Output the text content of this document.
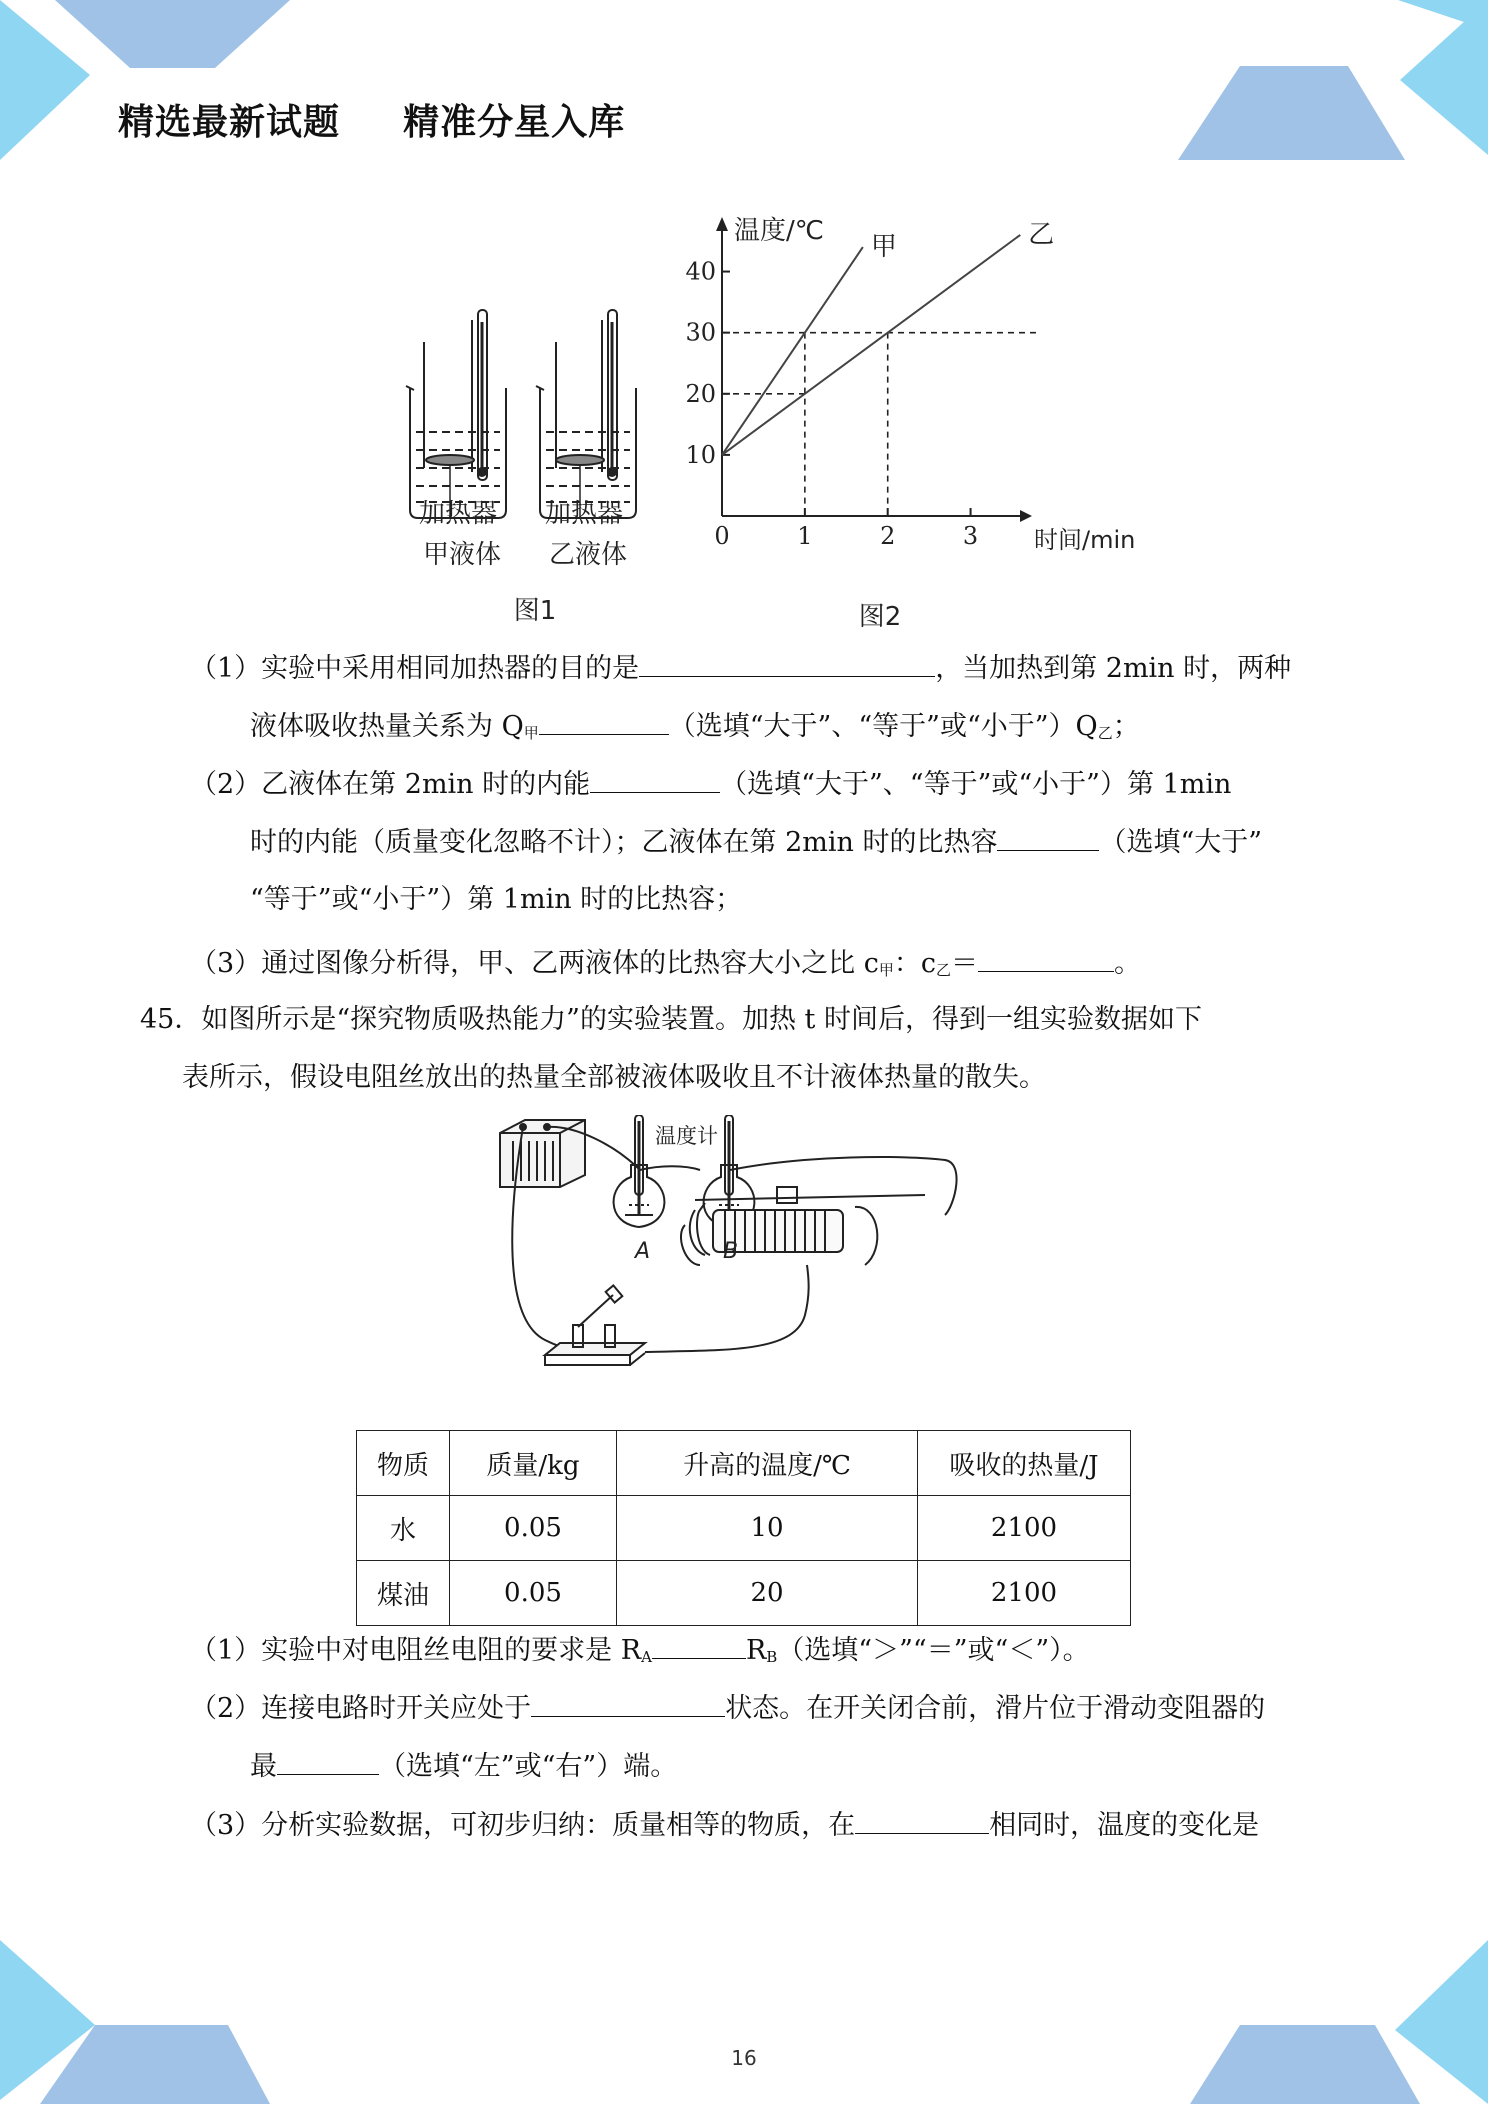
精选最新试题 精准分星入库
加热器
甲液体
加热器
乙液体
图1
0	1	2	3
10
20
30
40
甲	乙
时间/min
温度/℃
图2
（1）实验中采用相同加热器的目的是	，当加热到第 2min 时，两种
液体吸收热量关系为 $Q_甲$	（选填“大于”、“等于”或“小于$”)Q_乙$；
（2）乙液体在第 2min 时的内能	（选填“大于”、“等于”或“小于”）第 1min
时的内能（质量变化忽略不计）；乙液体在第 2min 时的比热容	（选填“大于”
“等于”或“小于”）第 1min 时的比热容；
（3）通过图像分析得，甲、乙两液体的比热容大小之比 $c_甲$：$c_乙=$	。
45．如图所示是“探究物质吸热能力”的实验装置。加热 t 时间后，得到一组实验数据如下
表所示，假设电阻丝放出的热量全部被液体吸收且不计液体热量的散失。
温度计
A	B
物质	质量/kg	升高的温度/℃	吸收的热量/J
水	0.05	10	2100
煤油	0.05	20	2100
（1）实验中对电阻丝电阻的要求是 $R_A$	$R_B$（选填“＞”“＝”或“＜”）。
（2）连接电路时开关应处于	状态。在开关闭合前，滑片位于滑动变阻器的
最	（选填“左”或“右”）端。
（3）分析实验数据，可初步归纳：质量相等的物质，在	相同时，温度的变化是
16
